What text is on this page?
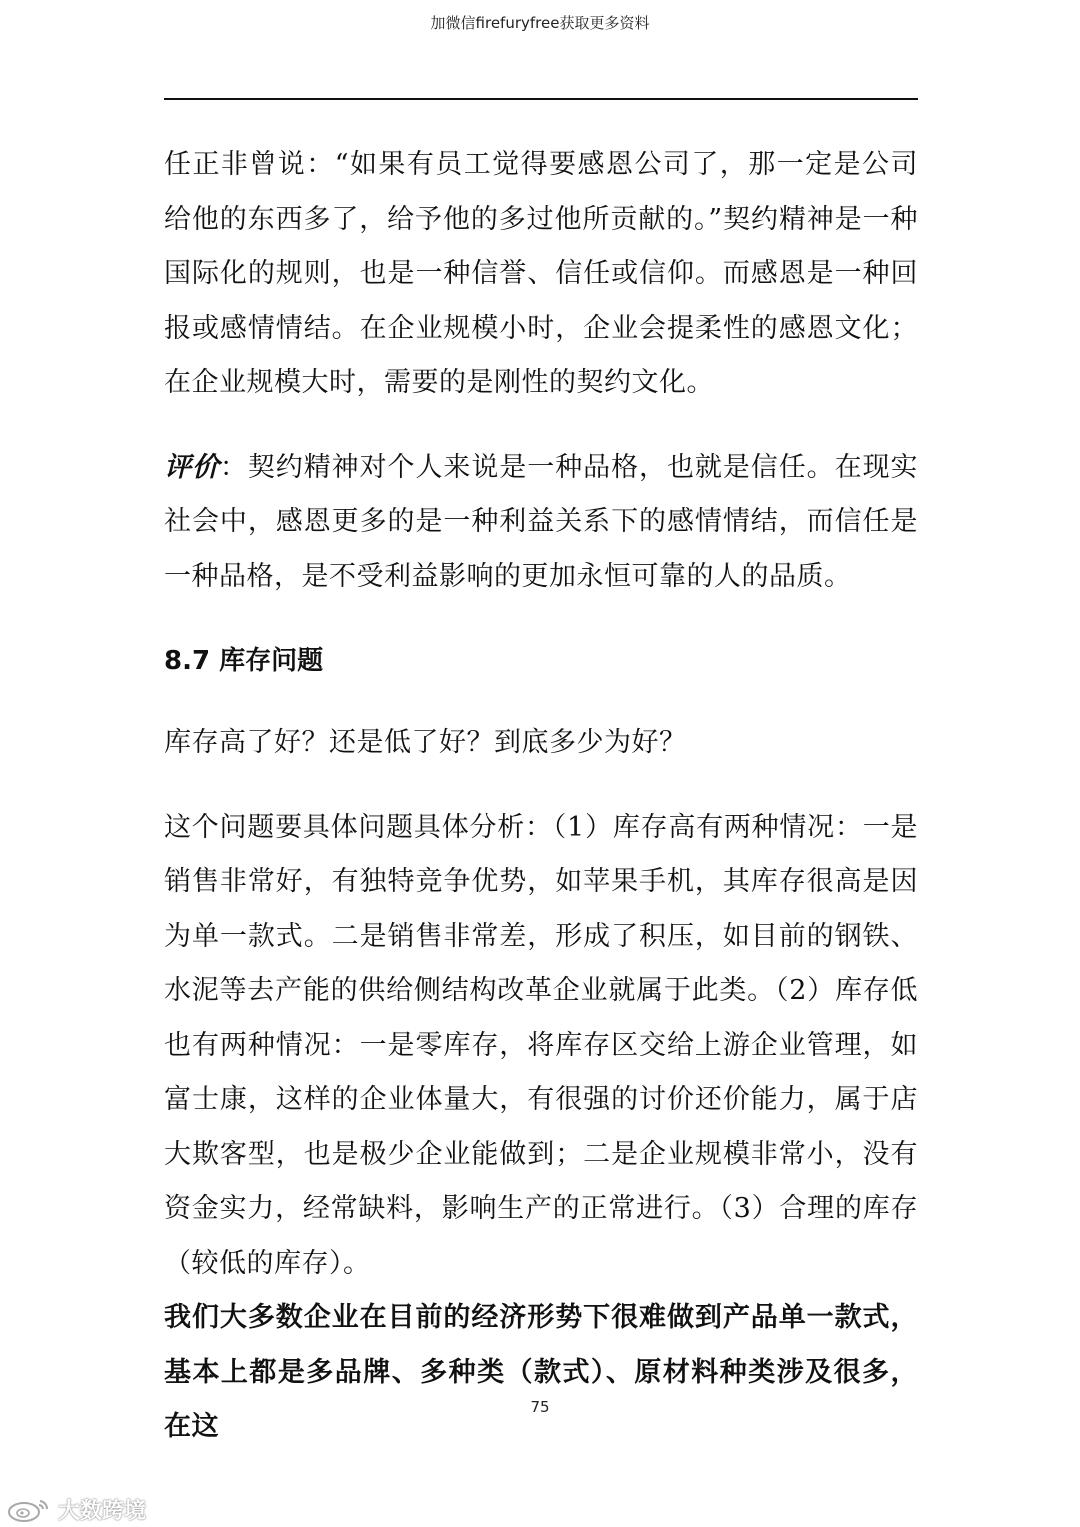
加微信firefuryfree获取更多资料

任正非曾说：“如果有员工觉得要感恩公司了，那一定是公司给他的东西多了，给予他的多过他所贡献的。”契约精神是一种国际化的规则，也是一种信誉、信任或信仰。而感恩是一种回报或感情情结。在企业规模小时，企业会提柔性的感恩文化；在企业规模大时，需要的是刚性的契约文化。

评价：契约精神对个人来说是一种品格，也就是信任。在现实社会中，感恩更多的是一种利益关系下的感情情结，而信任是一种品格，是不受利益影响的更加永恒可靠的人的品质。

8.7 库存问题

库存高了好？还是低了好？到底多少为好？

这个问题要具体问题具体分析：（1）库存高有两种情况：一是销售非常好，有独特竞争优势，如苹果手机，其库存很高是因为单一款式。二是销售非常差，形成了积压，如目前的钢铁、水泥等去产能的供给侧结构改革企业就属于此类。（2）库存低也有两种情况：一是零库存，将库存区交给上游企业管理，如富士康，这样的企业体量大，有很强的讨价还价能力，属于店大欺客型，也是极少企业能做到；二是企业规模非常小，没有资金实力，经常缺料，影响生产的正常进行。（3）合理的库存（较低的库存）。

我们大多数企业在目前的经济形势下很难做到产品单一款式，基本上都是多品牌、多种类（款式）、原材料种类涉及很多，在这

75
大数跨境
